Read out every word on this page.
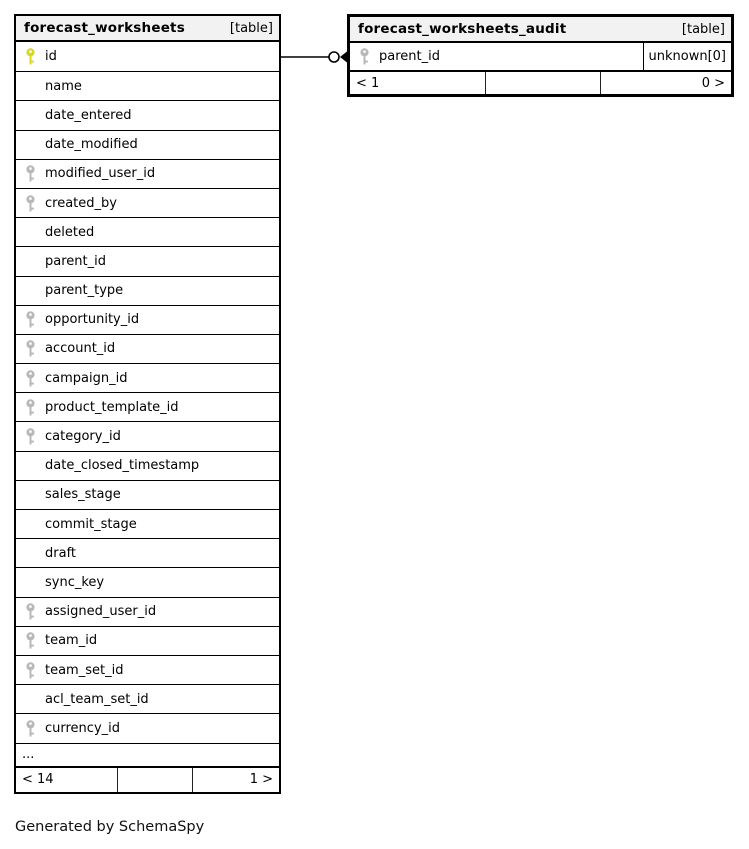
forecast_worksheets	[table]
id
name
date_entered
date_modified
modified_user_id
created_by
deleted
parent_id
parent_type
opportunity_id
account_id
campaign_id
product_template_id
category_id
date_closed_timestamp
sales_stage
commit_stage
draft
sync_key
assigned_user_id
team_id
team_set_id
acl_team_set_id
currency_id
...
< 14	1 >
forecast_worksheets_audit	[table]
parent_id	unknown[0]
< 1	0 >
Generated by SchemaSpy
